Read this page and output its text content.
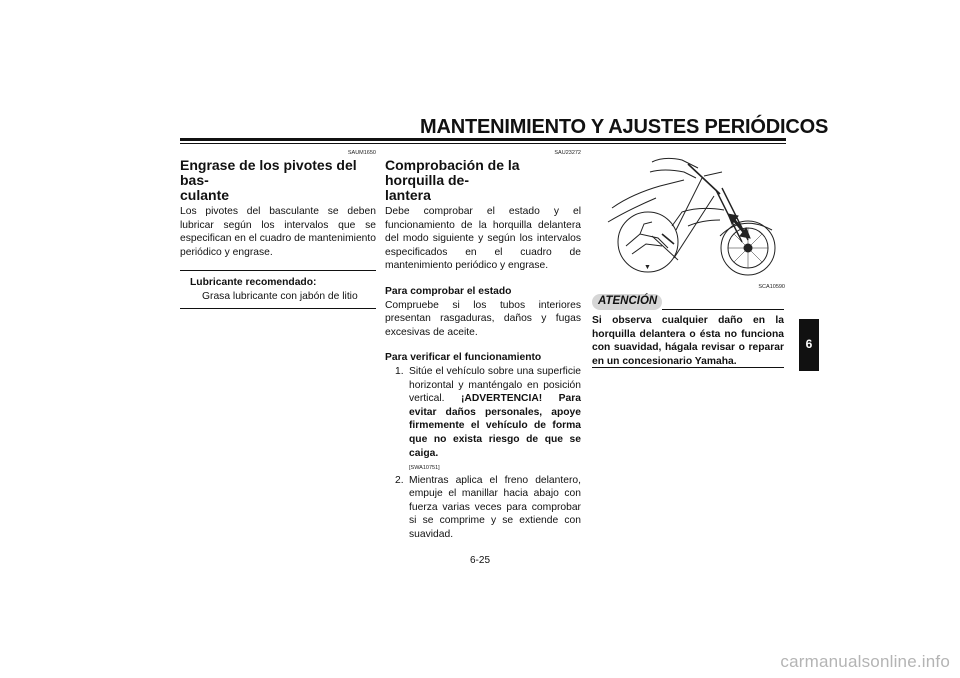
MANTENIMIENTO Y AJUSTES PERIÓDICOS
SAUM1650
Engrase de los pivotes del bas-
culante
Los pivotes del basculante se deben lubricar según los intervalos que se especifican en el cuadro de mantenimiento periódico y engrase.
Lubricante recomendado:
Grasa lubricante con jabón de litio
SAU23272
Comprobación de la horquilla de-
lantera
Debe comprobar el estado y el funcionamiento de la horquilla delantera del modo siguiente y según los intervalos especificados en el cuadro de mantenimiento periódico y engrase.
Para comprobar el estado
Compruebe si los tubos interiores presentan rasgaduras, daños y fugas excesivas de aceite.
Para verificar el funcionamiento
1. Sitúe el vehículo sobre una superficie horizontal y manténgalo en posición vertical. ¡ADVERTENCIA! Para evitar daños personales, apoye firmemente el vehículo de forma que no exista riesgo de que se caiga.
[SWA10751]
2. Mientras aplica el freno delantero, empuje el manillar hacia abajo con fuerza varias veces para comprobar si se comprime y se extiende con suavidad.
▼
SCA10590
ATENCIÓN
Si observa cualquier daño en la horquilla delantera o ésta no funciona con suavidad, hágala revisar o reparar en un concesionario Yamaha.
6
6-25
carmanualsonline.info
